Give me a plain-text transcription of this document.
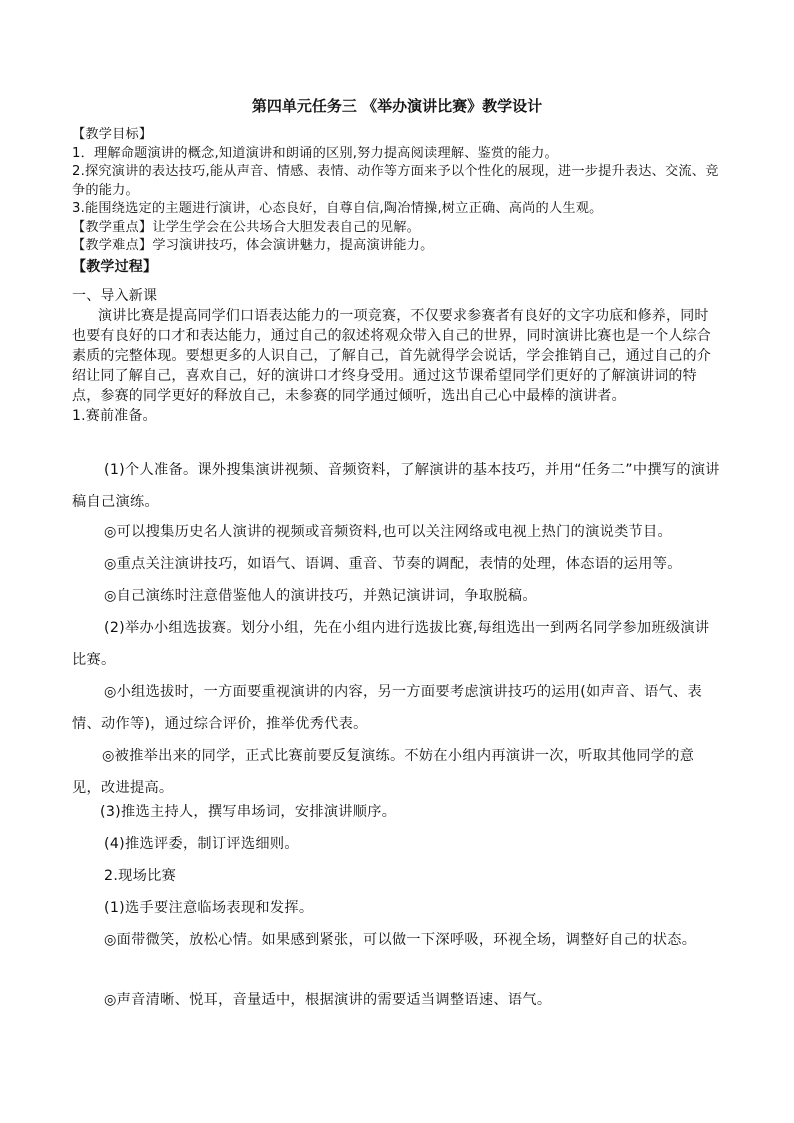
第四单元任务三 《举办演讲比赛》教学设计
【教学目标】
1．理解命题演讲的概念,知道演讲和朗诵的区别,努力提高阅读理解、鉴赏的能力。
2.探究演讲的表达技巧,能从声音、情感、表情、动作等方面来予以个性化的展现，进一步提升表达、交流、竞争的能力。
3.能围绕选定的主题进行演讲，心态良好，自尊自信,陶冶情操,树立正确、高尚的人生观。
【教学重点】让学生学会在公共场合大胆发表自己的见解。
【教学难点】学习演讲技巧，体会演讲魅力，提高演讲能力。
【教学过程】
一、导入新课
演讲比赛是提高同学们口语表达能力的一项竞赛，不仅要求参赛者有良好的文字功底和修养，同时也要有良好的口才和表达能力，通过自己的叙述将观众带入自己的世界，同时演讲比赛也是一个人综合素质的完整体现。要想更多的人识自己，了解自己，首先就得学会说话，学会推销自己，通过自己的介绍让同了解自己，喜欢自己，好的演讲口才终身受用。通过这节课希望同学们更好的了解演讲词的特点，参赛的同学更好的释放自己，未参赛的同学通过倾听，选出自己心中最棒的演讲者。
1.赛前准备。
(1)个人准备。课外搜集演讲视频、音频资料，了解演讲的基本技巧，并用“任务二”中撰写的演讲稿自己演练。
◎可以搜集历史名人演讲的视频或音频资料,也可以关注网络或电视上热门的演说类节目。
◎重点关注演讲技巧，如语气、语调、重音、节奏的调配，表情的处理，体态语的运用等。
◎自己演练时注意借鉴他人的演讲技巧，并熟记演讲词，争取脱稿。
(2)举办小组选拔赛。划分小组，先在小组内进行选拔比赛,每组选出一到两名同学参加班级演讲比赛。
◎小组选拔时，一方面要重视演讲的内容，另一方面要考虑演讲技巧的运用(如声音、语气、表情、动作等)，通过综合评价，推举优秀代表。
◎被推举出来的同学，正式比赛前要反复演练。不妨在小组内再演讲一次，听取其他同学的意见，改进提高。
(3)推选主持人，撰写串场词，安排演讲顺序。
(4)推选评委，制订评选细则。
2.现场比赛
(1)选手要注意临场表现和发挥。
◎面带微笑，放松心情。如果感到紧张，可以做一下深呼吸，环视全场，调整好自己的状态。
◎声音清晰、悦耳，音量适中，根据演讲的需要适当调整语速、语气。
